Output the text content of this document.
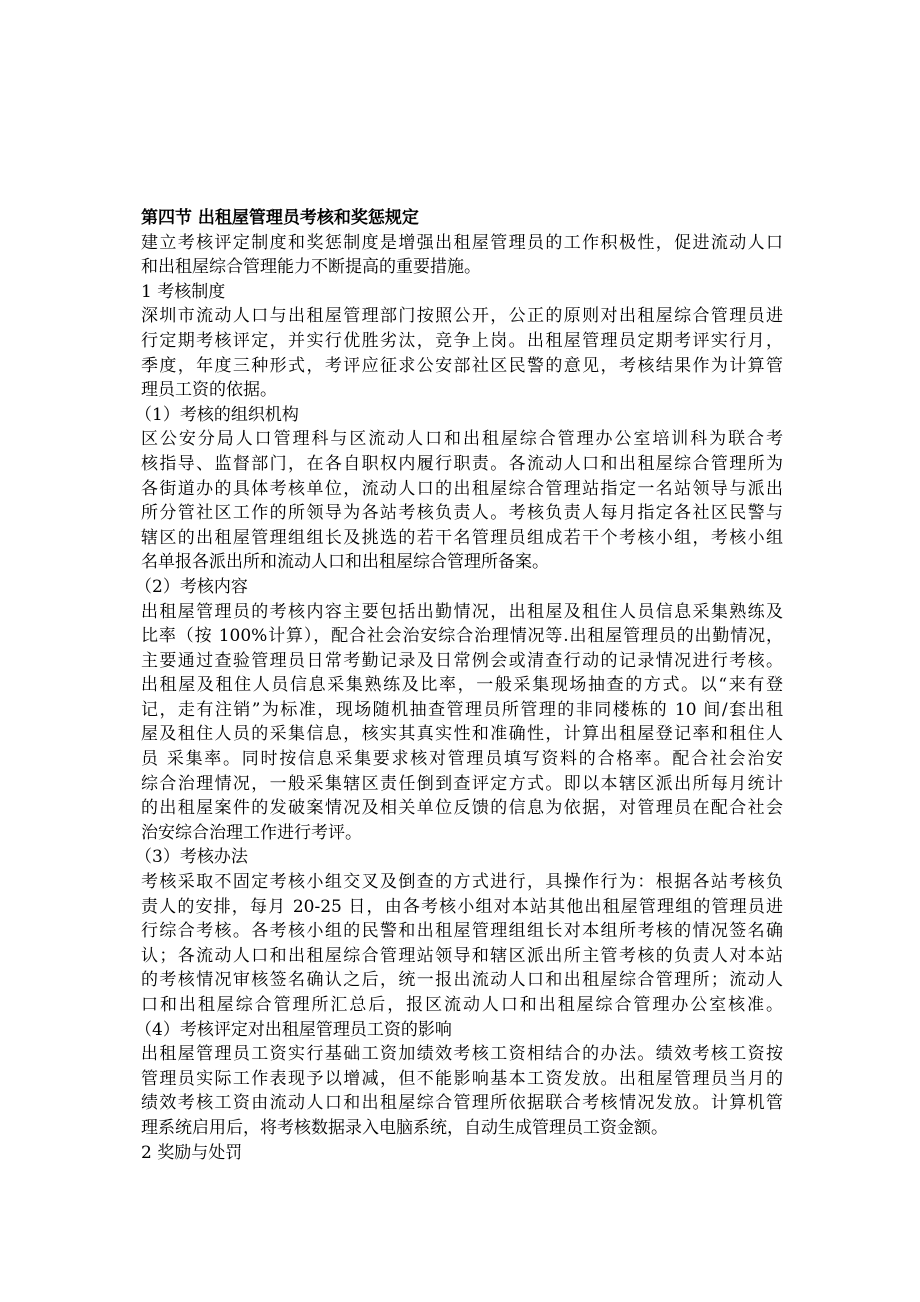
第四节 出租屋管理员考核和奖惩规定
建立考核评定制度和奖惩制度是增强出租屋管理员的工作积极性，促进流动人口
和出租屋综合管理能力不断提高的重要措施。
1 考核制度
深圳市流动人口与出租屋管理部门按照公开，公正的原则对出租屋综合管理员进
行定期考核评定，并实行优胜劣汰，竞争上岗。出租屋管理员定期考评实行月，
季度，年度三种形式，考评应征求公安部社区民警的意见，考核结果作为计算管
理员工资的依据。
（1）考核的组织机构
区公安分局人口管理科与区流动人口和出租屋综合管理办公室培训科为联合考
核指导、监督部门，在各自职权内履行职责。各流动人口和出租屋综合管理所为
各街道办的具体考核单位，流动人口的出租屋综合管理站指定一名站领导与派出
所分管社区工作的所领导为各站考核负责人。考核负责人每月指定各社区民警与
辖区的出租屋管理组组长及挑选的若干名管理员组成若干个考核小组，考核小组
名单报各派出所和流动人口和出租屋综合管理所备案。
（2）考核内容
出租屋管理员的考核内容主要包括出勤情况，出租屋及租住人员信息采集熟练及
比率（按 100%计算），配合社会治安综合治理情况等.出租屋管理员的出勤情况，
主要通过查验管理员日常考勤记录及日常例会或清查行动的记录情况进行考核。
出租屋及租住人员信息采集熟练及比率，一般采集现场抽查的方式。以“来有登
记，走有注销”为标准，现场随机抽查管理员所管理的非同楼栋的 10 间/套出租
屋及租住人员的采集信息，核实其真实性和准确性，计算出租屋登记率和租住人
员 采集率。同时按信息采集要求核对管理员填写资料的合格率。配合社会治安
综合治理情况，一般采集辖区责任倒到查评定方式。即以本辖区派出所每月统计
的出租屋案件的发破案情况及相关单位反馈的信息为依据，对管理员在配合社会
治安综合治理工作进行考评。
（3）考核办法
考核采取不固定考核小组交叉及倒查的方式进行，具操作行为：根据各站考核负
责人的安排，每月 20-25 日，由各考核小组对本站其他出租屋管理组的管理员进
行综合考核。各考核小组的民警和出租屋管理组组长对本组所考核的情况签名确
认；各流动人口和出租屋综合管理站领导和辖区派出所主管考核的负责人对本站
的考核情况审核签名确认之后，统一报出流动人口和出租屋综合管理所；流动人
口和出租屋综合管理所汇总后，报区流动人口和出租屋综合管理办公室核准。
（4）考核评定对出租屋管理员工资的影响
出租屋管理员工资实行基础工资加绩效考核工资相结合的办法。绩效考核工资按
管理员实际工作表现予以增减，但不能影响基本工资发放。出租屋管理员当月的
绩效考核工资由流动人口和出租屋综合管理所依据联合考核情况发放。计算机管
理系统启用后，将考核数据录入电脑系统，自动生成管理员工资金额。
2 奖励与处罚
